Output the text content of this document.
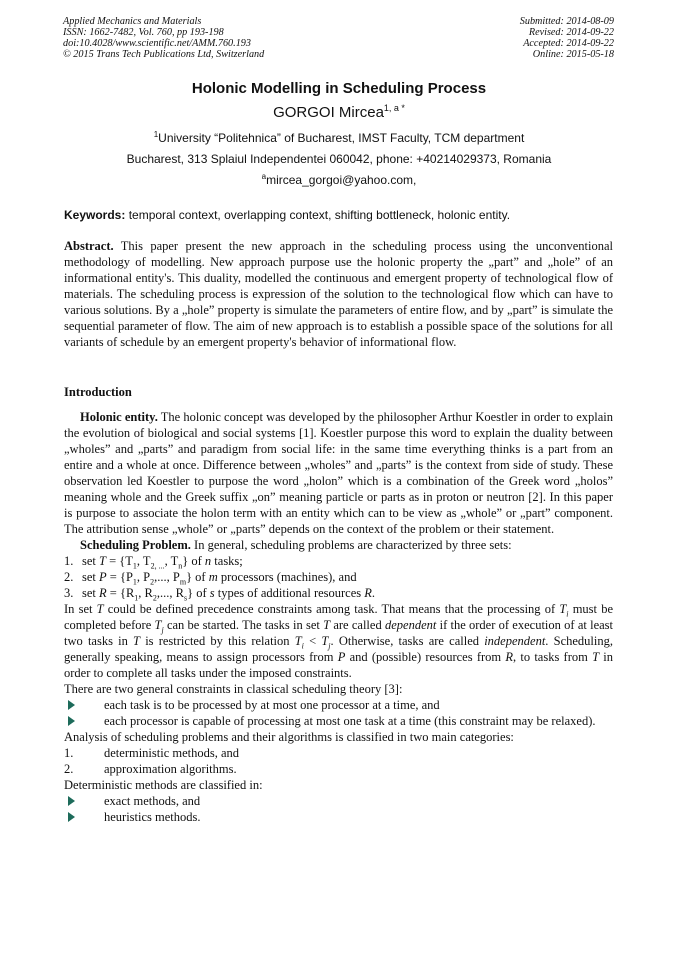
Applied Mechanics and Materials
ISSN: 1662-7482, Vol. 760, pp 193-198
doi:10.4028/www.scientific.net/AMM.760.193
© 2015 Trans Tech Publications Ltd, Switzerland
Submitted: 2014-08-09
Revised: 2014-09-22
Accepted: 2014-09-22
Online: 2015-05-18
Holonic Modelling in Scheduling Process
GORGOI Mircea$^{1, a *}$
$^1$University “Politehnica” of Bucharest, IMST Faculty, TCM department
Bucharest, 313 Splaiul Independentei 060042, phone: +40214029373, Romania
$^a$mircea_gorgoi@yahoo.com,
Keywords: temporal context, overlapping context, shifting bottleneck, holonic entity.

Abstract. This paper present the new approach in the scheduling process using the unconventional methodology of modelling. New approach purpose use the holonic property the „part” and „hole” of an informational entity's. This duality, modelled the continuous and emergent property of technological flow of materials. The scheduling process is expression of the solution to the technological flow which can have to various solutions. By a „hole” property is simulate the parameters of entire flow, and by „part” is simulate the sequential parameter of flow. The aim of new approach is to establish a possible space of the solutions for all variants of schedule by an emergent property's behavior of informational flow.

Introduction

Holonic entity. The holonic concept was developed by the philosopher Arthur Koestler in order to explain the evolution of biological and social systems [1]. Koestler purpose this word to explain the duality between „wholes” and „parts” and paradigm from social life: in the same time everything thinks is a part from an entire and a whole at once. Difference between „wholes” and „parts” is the context from side of study. These observation led Koestler to purpose the word „holon” which is a combination of the Greek word „holos” meaning whole and the Greek suffix „on” meaning particle or parts as in proton or neutron [2]. In this paper is purpose to associate the holon term with an entity which can to be view as „whole” or „part” component. The attribution sense „whole” or „parts” depends on the context of the problem or their statement.

Scheduling Problem. In general, scheduling problems are characterized by three sets:

1. set $T = \{T_1$, $T_{2, ...}$, $T_n$} of n tasks;

2. set $P = \{P_1$, $P_2$,..., $P_m$} of m processors (machines), and

3. set $R = \{R_1$, $R_2$,..., $R_s$} of s types of additional resources R.

In set T could be defined precedence constraints among task. That means that the processing of $T_i$ must be completed before $T_j$ can be started. The tasks in set T are called dependent if the order of execution of at least two tasks in T is restricted by this relation $T_i < T_j$. Otherwise, tasks are called independent. Scheduling, generally speaking, means to assign processors from P and (possible) resources from R, to tasks from T in order to complete all tasks under the imposed constraints.

There are two general constraints in classical scheduling theory [3]:

each task is to be processed by at most one processor at a time, and

each processor is capable of processing at most one task at a time (this constraint may be relaxed).

Analysis of scheduling problems and their algorithms is classified in two main categories:

1. deterministic methods, and

2. approximation algorithms.

Deterministic methods are classified in:

exact methods, and

heuristics methods.
